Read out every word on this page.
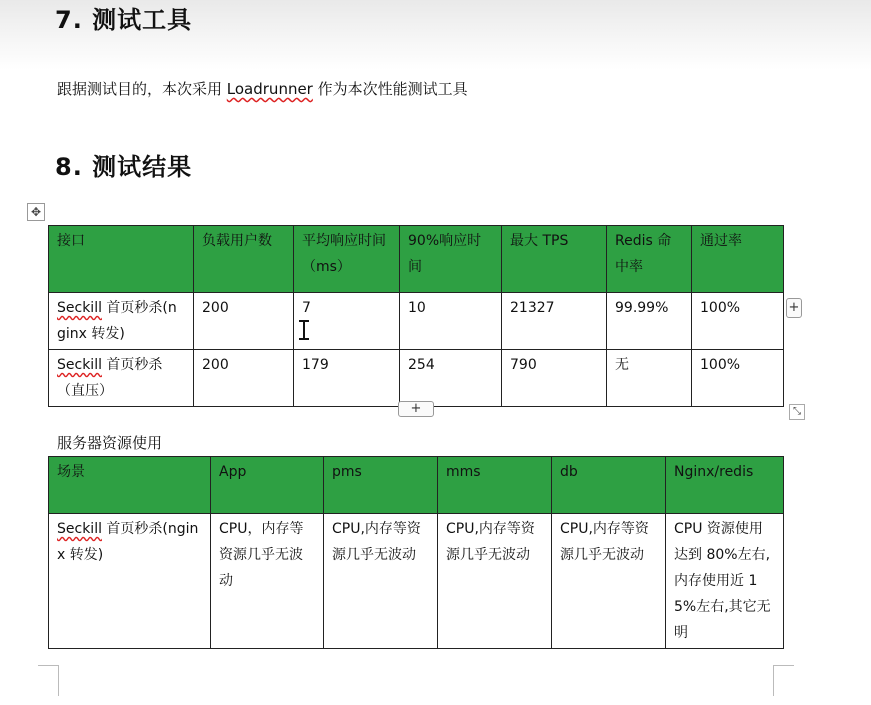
7. 测试工具
跟据测试目的，本次采用 Loadrunner 作为本次性能测试工具
8. 测试结果
✥
接口	负载用户数	平均响应时间（ms）	90%响应时间	最大 TPS	Redis 命中率	通过率
Seckill 首页秒杀(nginx 转发)	200	7	10	21327	99.99%	100%
Seckill 首页秒杀（直压）	200	179	254	790	无	100%
+
+	⤡
服务器资源使用
场景	App	pms	mms	db	Nginx/redis
Seckill 首页秒杀(nginx 转发)	CPU，内存等资源几乎无波动	CPU,内存等资源几乎无波动	CPU,内存等资源几乎无波动	CPU,内存等资源几乎无波动	CPU 资源使用达到 80%左右,内存使用近 15%左右,其它无明
